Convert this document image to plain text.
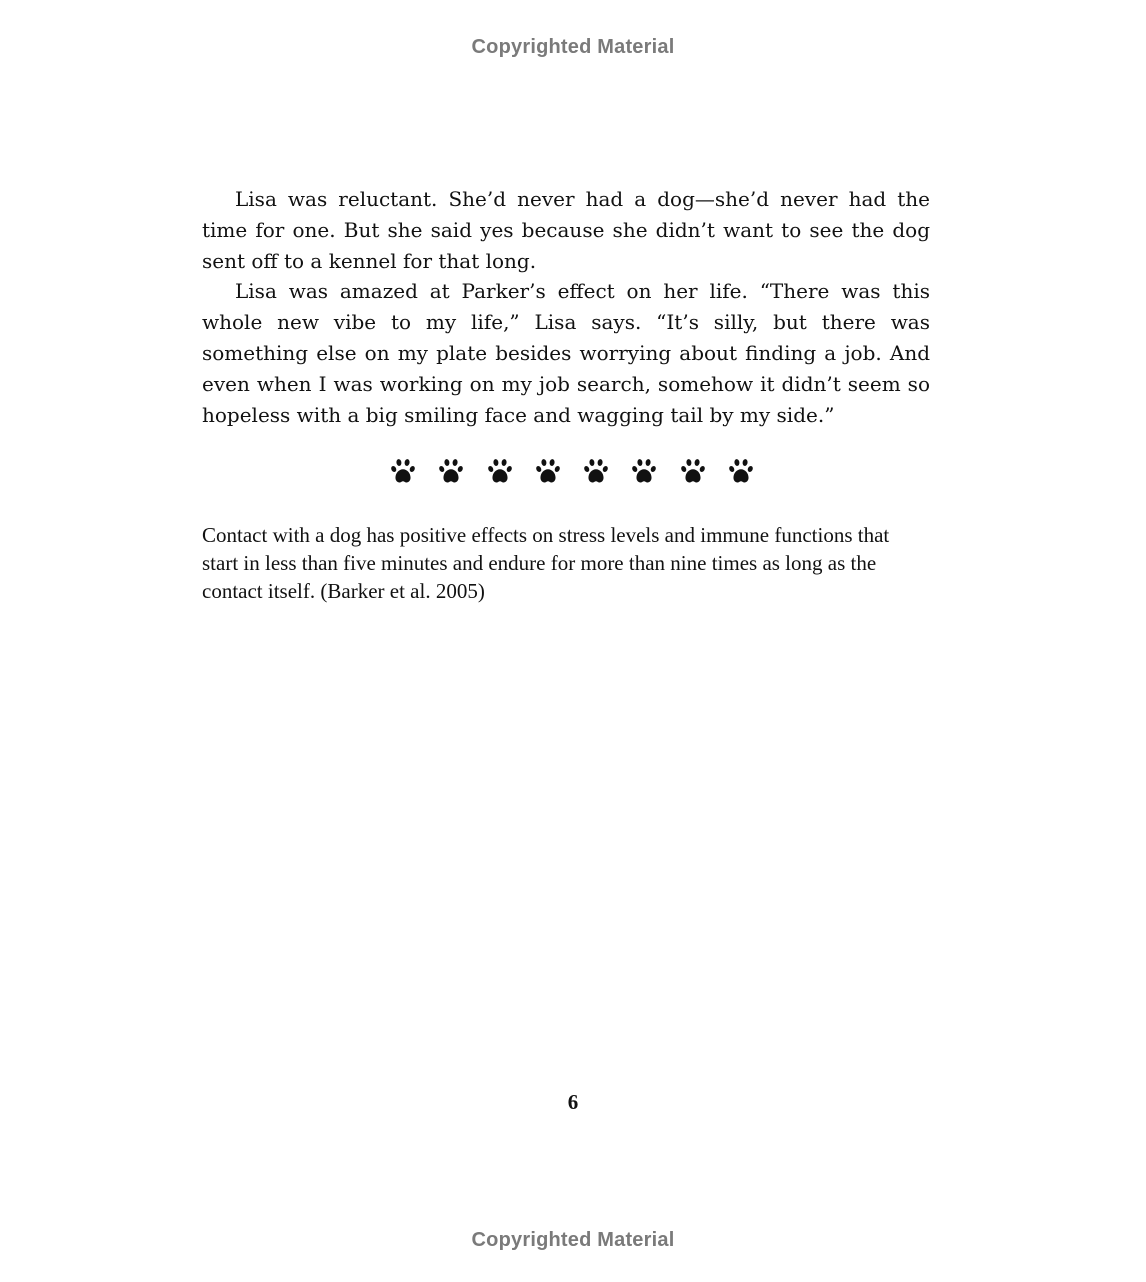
Copyrighted Material

Lisa was reluctant. She’d never had a dog—she’d never had the time for one. But she said yes because she didn’t want to see the dog sent off to a kennel for that long.

Lisa was amazed at Parker’s effect on her life. “There was this whole new vibe to my life,” Lisa says. “It’s silly, but there was something else on my plate besides worrying about finding a job. And even when I was working on my job search, somehow it didn’t seem so hopeless with a big smiling face and wagging tail by my side.”

Contact with a dog has positive effects on stress levels and immune functions that start in less than five minutes and endure for more than nine times as long as the contact itself. (Barker et al. 2005)

6
Copyrighted Material
